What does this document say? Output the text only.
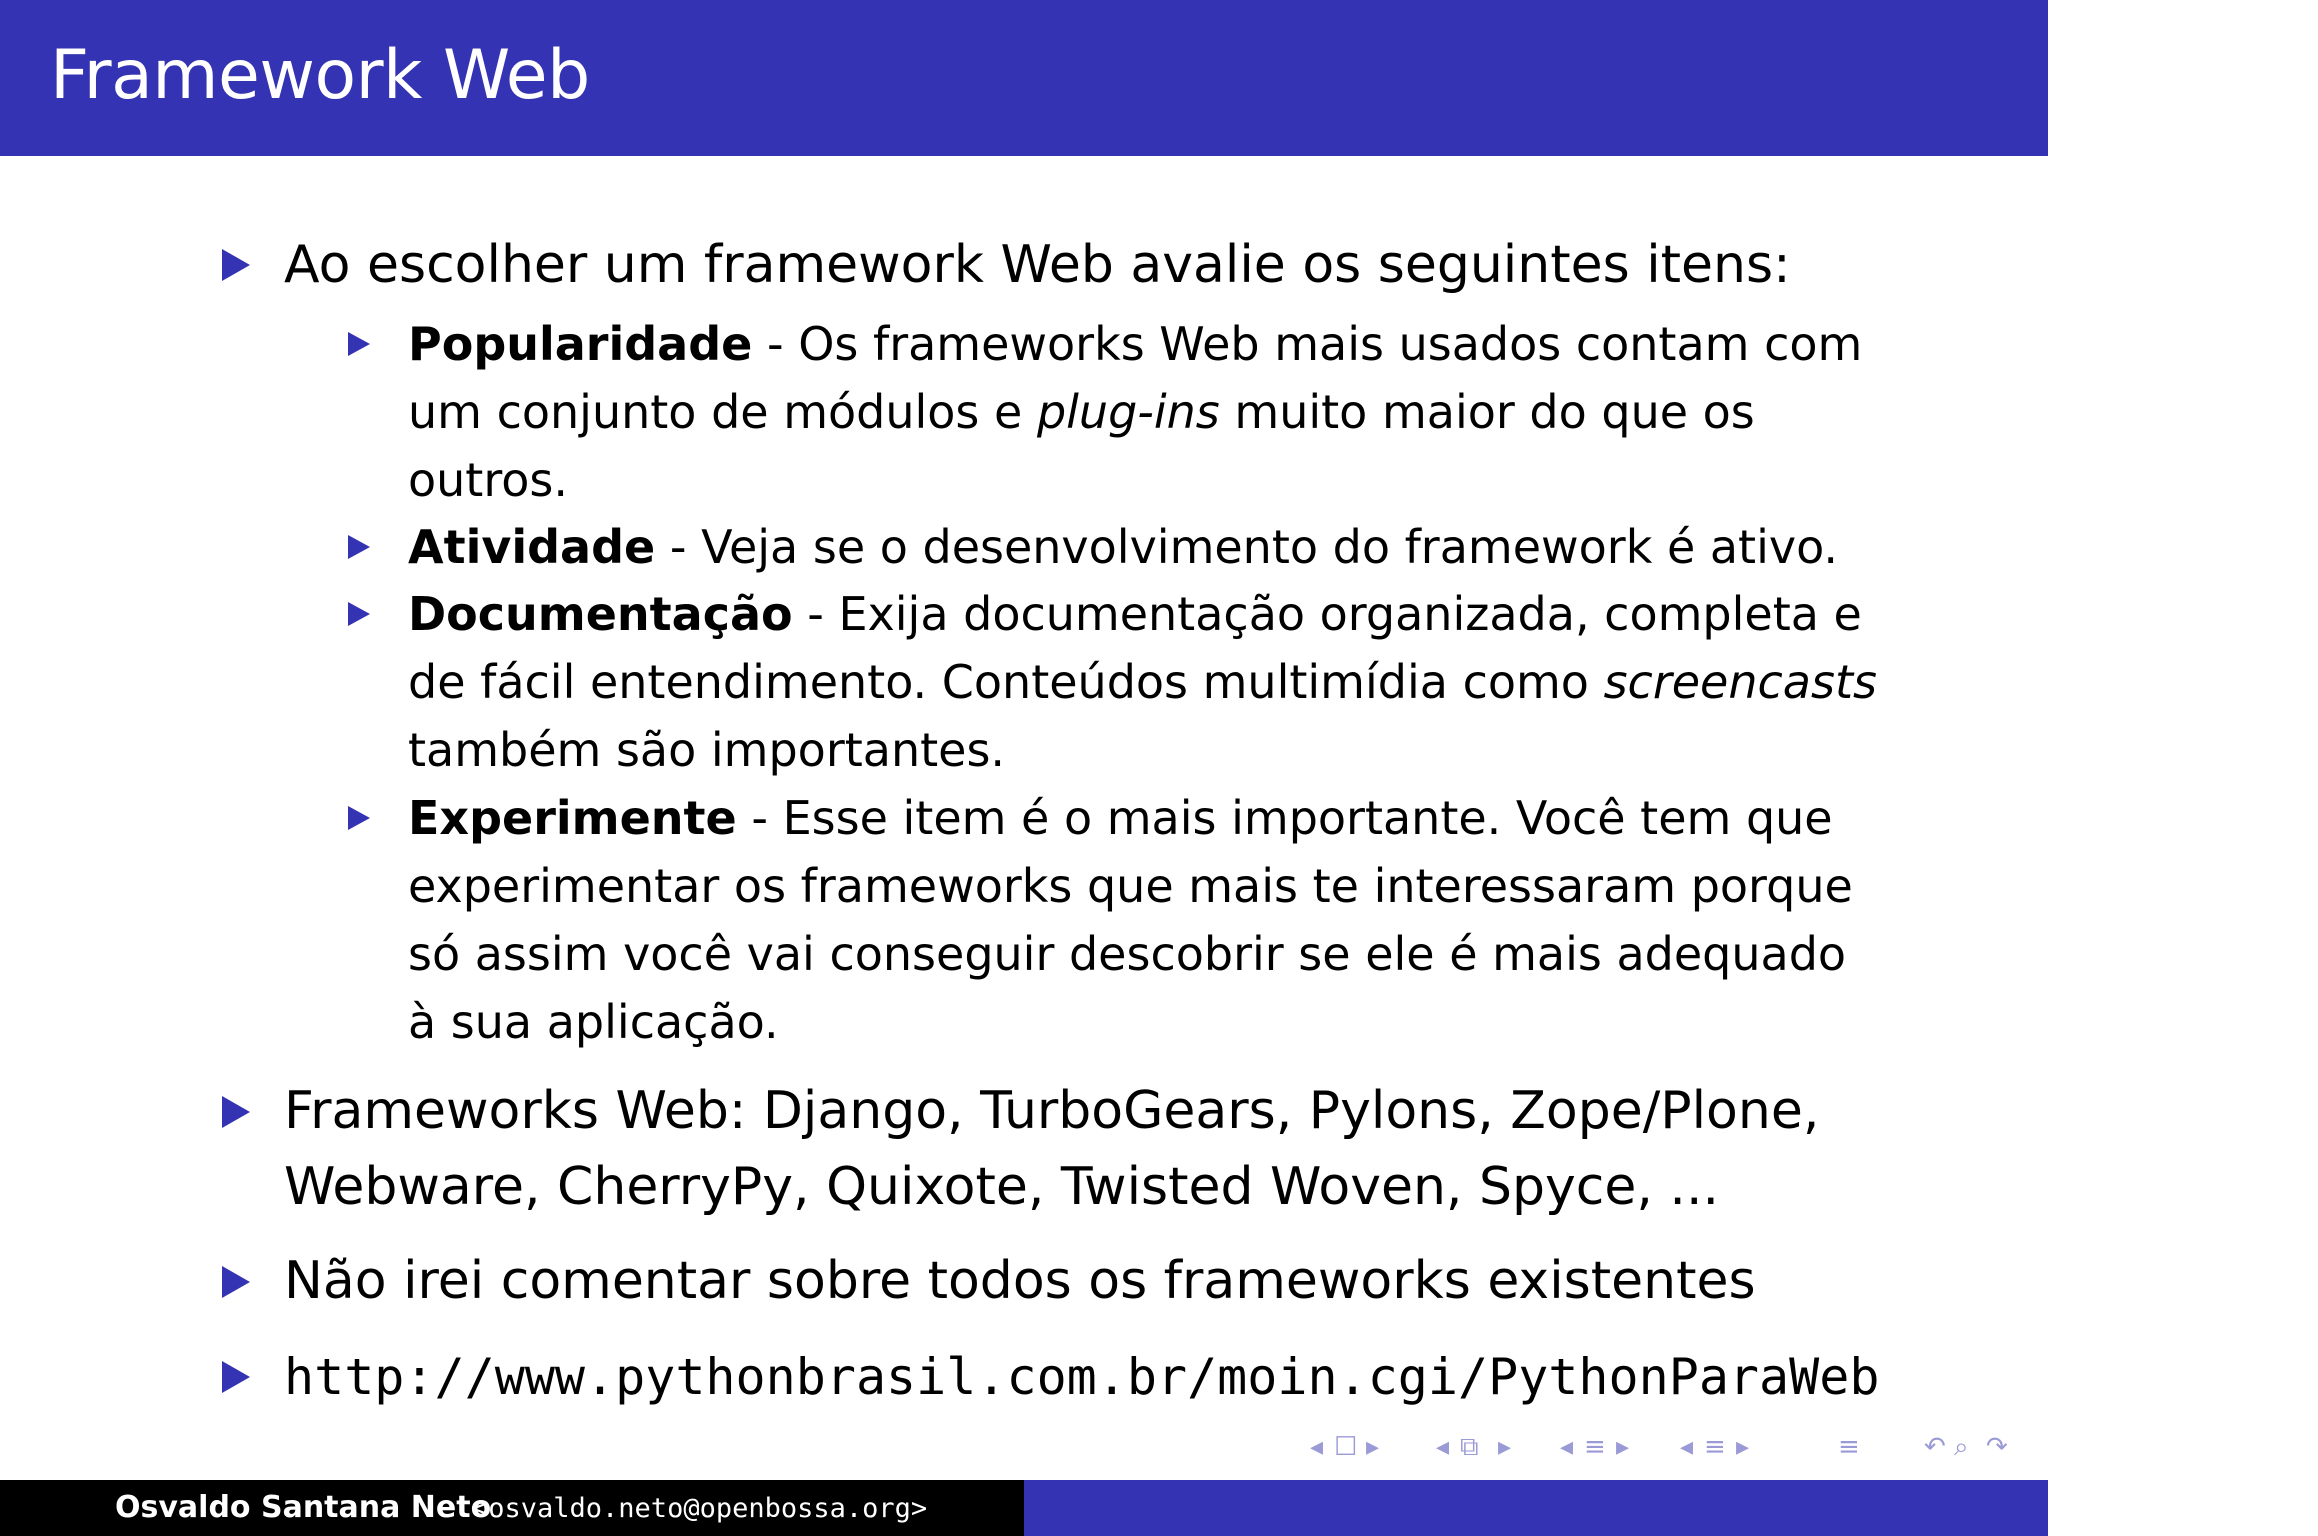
Framework Web
Ao escolher um framework Web avalie os seguintes itens:
Popularidade - Os frameworks Web mais usados contam com um conjunto de módulos e plug-ins muito maior do que os outros.
Atividade - Veja se o desenvolvimento do framework é ativo.
Documentação - Exija documentação organizada, completa e de fácil entendimento. Conteúdos multimídia como screencasts também são importantes.
Experimente - Esse item é o mais importante. Você tem que experimentar os frameworks que mais te interessaram porque só assim você vai conseguir descobrir se ele é mais adequado à sua aplicação.
Frameworks Web: Django, TurboGears, Pylons, Zope/Plone,
Webware, CherryPy, Quixote, Twisted Woven, Spyce, ...
Não irei comentar sobre todos os frameworks existentes
http://www.pythonbrasil.com.br/moin.cgi/PythonParaWeb
◂ ☐ ▸ ◂ ⧉ ▸ ◂ ≡ ▸ ◂ ≡ ▸	≡ ↶ ⌕ ↷
Osvaldo Santana Neto
<osvaldo.neto@openbossa.org>	Python WTF?
